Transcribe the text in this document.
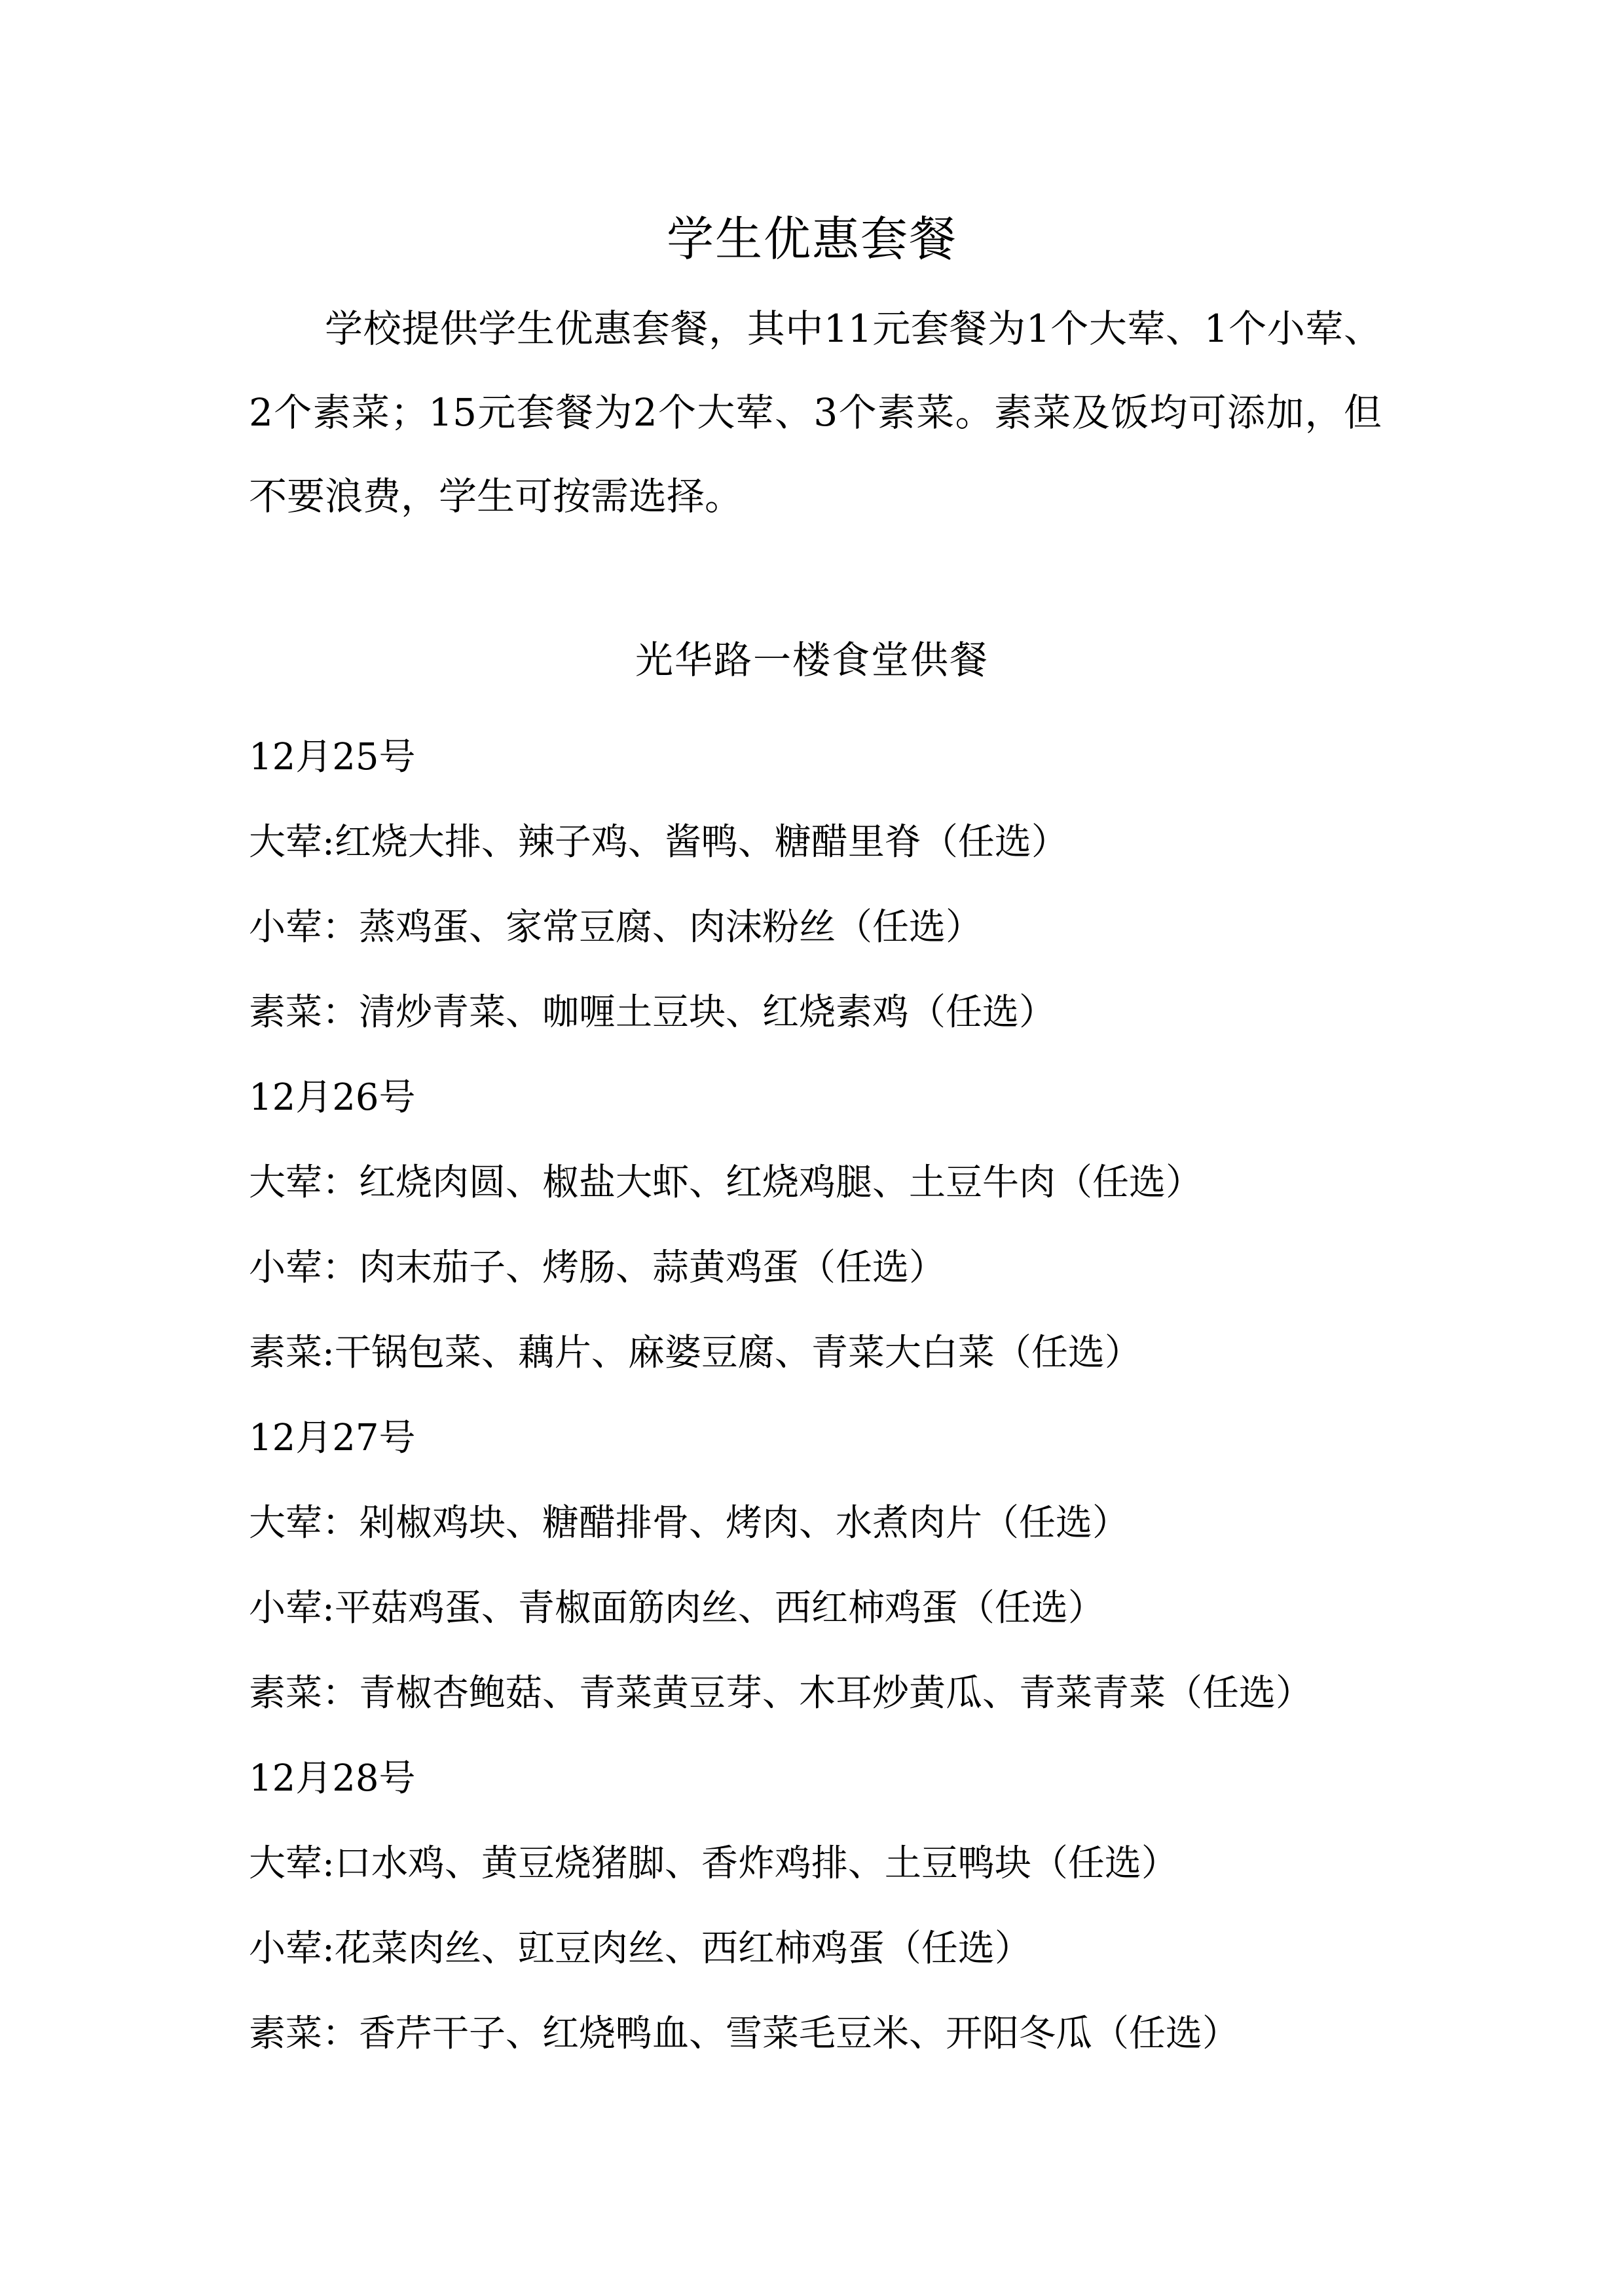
学生优惠套餐
学校提供学生优惠套餐，其中11元套餐为1个大荤、1个小荤、2个素菜；15元套餐为2个大荤、3个素菜。素菜及饭均可添加，但不要浪费，学生可按需选择。
光华路一楼食堂供餐
12月25号
大荤:红烧大排、辣子鸡、酱鸭、糖醋里脊（任选）
小荤：蒸鸡蛋、家常豆腐、肉沫粉丝（任选）
素菜：清炒青菜、咖喱土豆块、红烧素鸡（任选）
12月26号
大荤：红烧肉圆、椒盐大虾、红烧鸡腿、土豆牛肉（任选）
小荤：肉末茄子、烤肠、蒜黄鸡蛋（任选）
素菜:干锅包菜、藕片、麻婆豆腐、青菜大白菜（任选）
12月27号
大荤：剁椒鸡块、糖醋排骨、烤肉、水煮肉片（任选）
小荤:平菇鸡蛋、青椒面筋肉丝、西红柿鸡蛋（任选）
素菜：青椒杏鲍菇、青菜黄豆芽、木耳炒黄瓜、青菜青菜（任选）
12月28号
大荤:口水鸡、黄豆烧猪脚、香炸鸡排、土豆鸭块（任选）
小荤:花菜肉丝、豇豆肉丝、西红柿鸡蛋（任选）
素菜：香芹干子、红烧鸭血、雪菜毛豆米、开阳冬瓜（任选）
